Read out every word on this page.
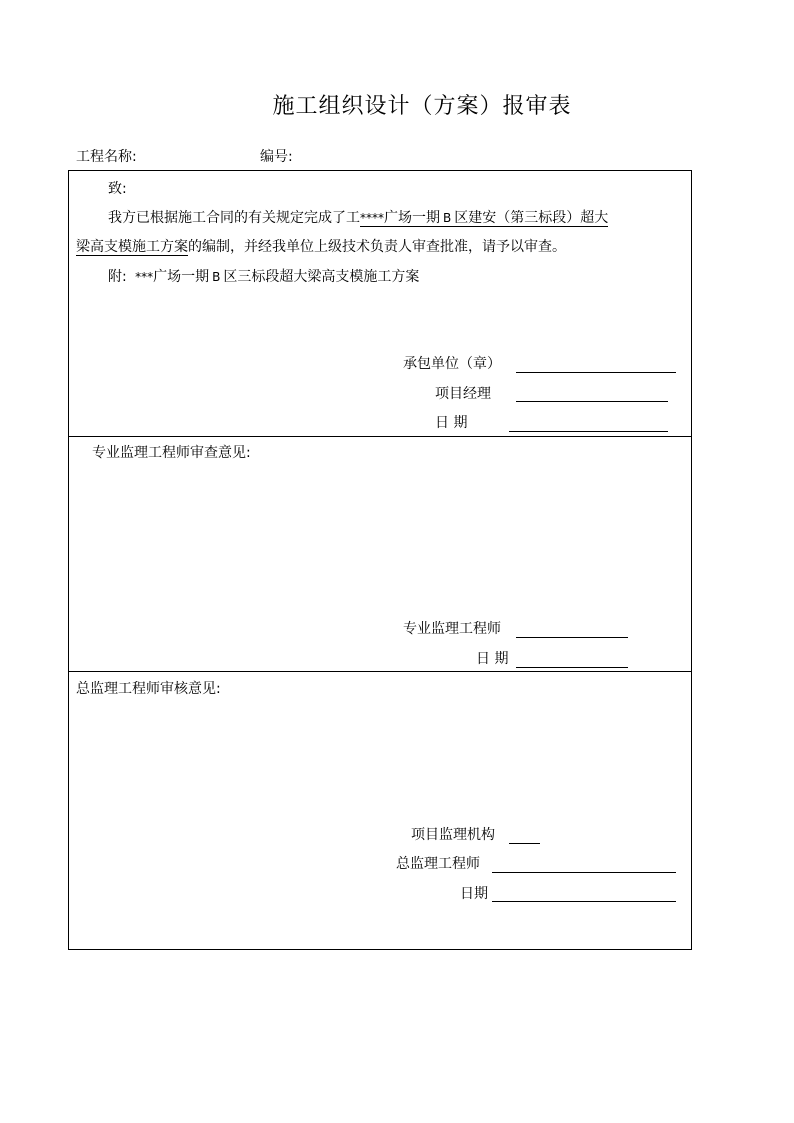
施工组织设计（方案）报审表
工程名称:	编号:
致:
我方已根据施工合同的有关规定完成了工****广场一期 B 区建安（第三标段）超大
梁高支模施工方案的编制，并经我单位上级技术负责人审查批准，请予以审查。
附: ***广场一期 B 区三标段超大梁高支模施工方案
承包单位（章）
项目经理
日 期
专业监理工程师审查意见:
专业监理工程师
日 期
总监理工程师审核意见:
项目监理机构
总监理工程师
日期
